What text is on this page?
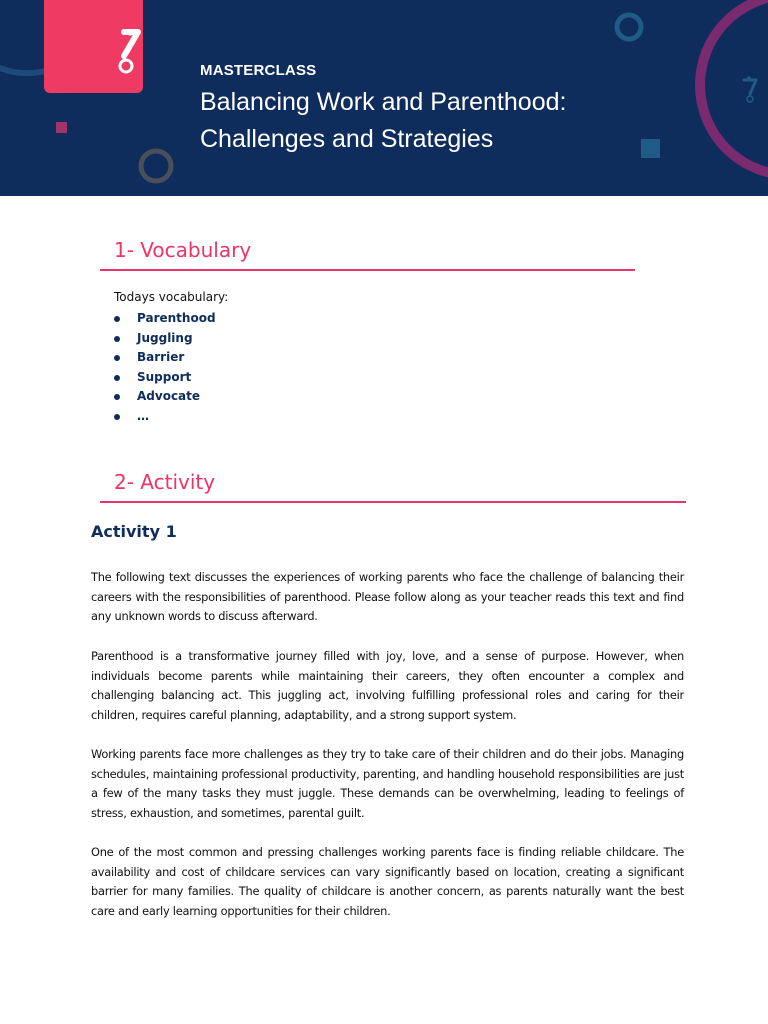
MASTERCLASS

Balancing Work and Parenthood:
Challenges and Strategies
1- Vocabulary

Todays vocabulary:

Parenthood
Juggling
Barrier
Support
Advocate
…
2- Activity
Activity 1

The following text discusses the experiences of working parents who face the challenge of balancing their careers with the responsibilities of parenthood. Please follow along as your teacher reads this text and find any unknown words to discuss afterward.

Parenthood is a transformative journey filled with joy, love, and a sense of purpose. However, when individuals become parents while maintaining their careers, they often encounter a complex and challenging balancing act. This juggling act, involving fulfilling professional roles and caring for their children, requires careful planning, adaptability, and a strong support system.

Working parents face more challenges as they try to take care of their children and do their jobs. Managing schedules, maintaining professional productivity, parenting, and handling household responsibilities are just a few of the many tasks they must juggle. These demands can be overwhelming, leading to feelings of stress, exhaustion, and sometimes, parental guilt.

One of the most common and pressing challenges working parents face is finding reliable childcare. The availability and cost of childcare services can vary significantly based on location, creating a significant barrier for many families. The quality of childcare is another concern, as parents naturally want the best care and early learning opportunities for their children.
